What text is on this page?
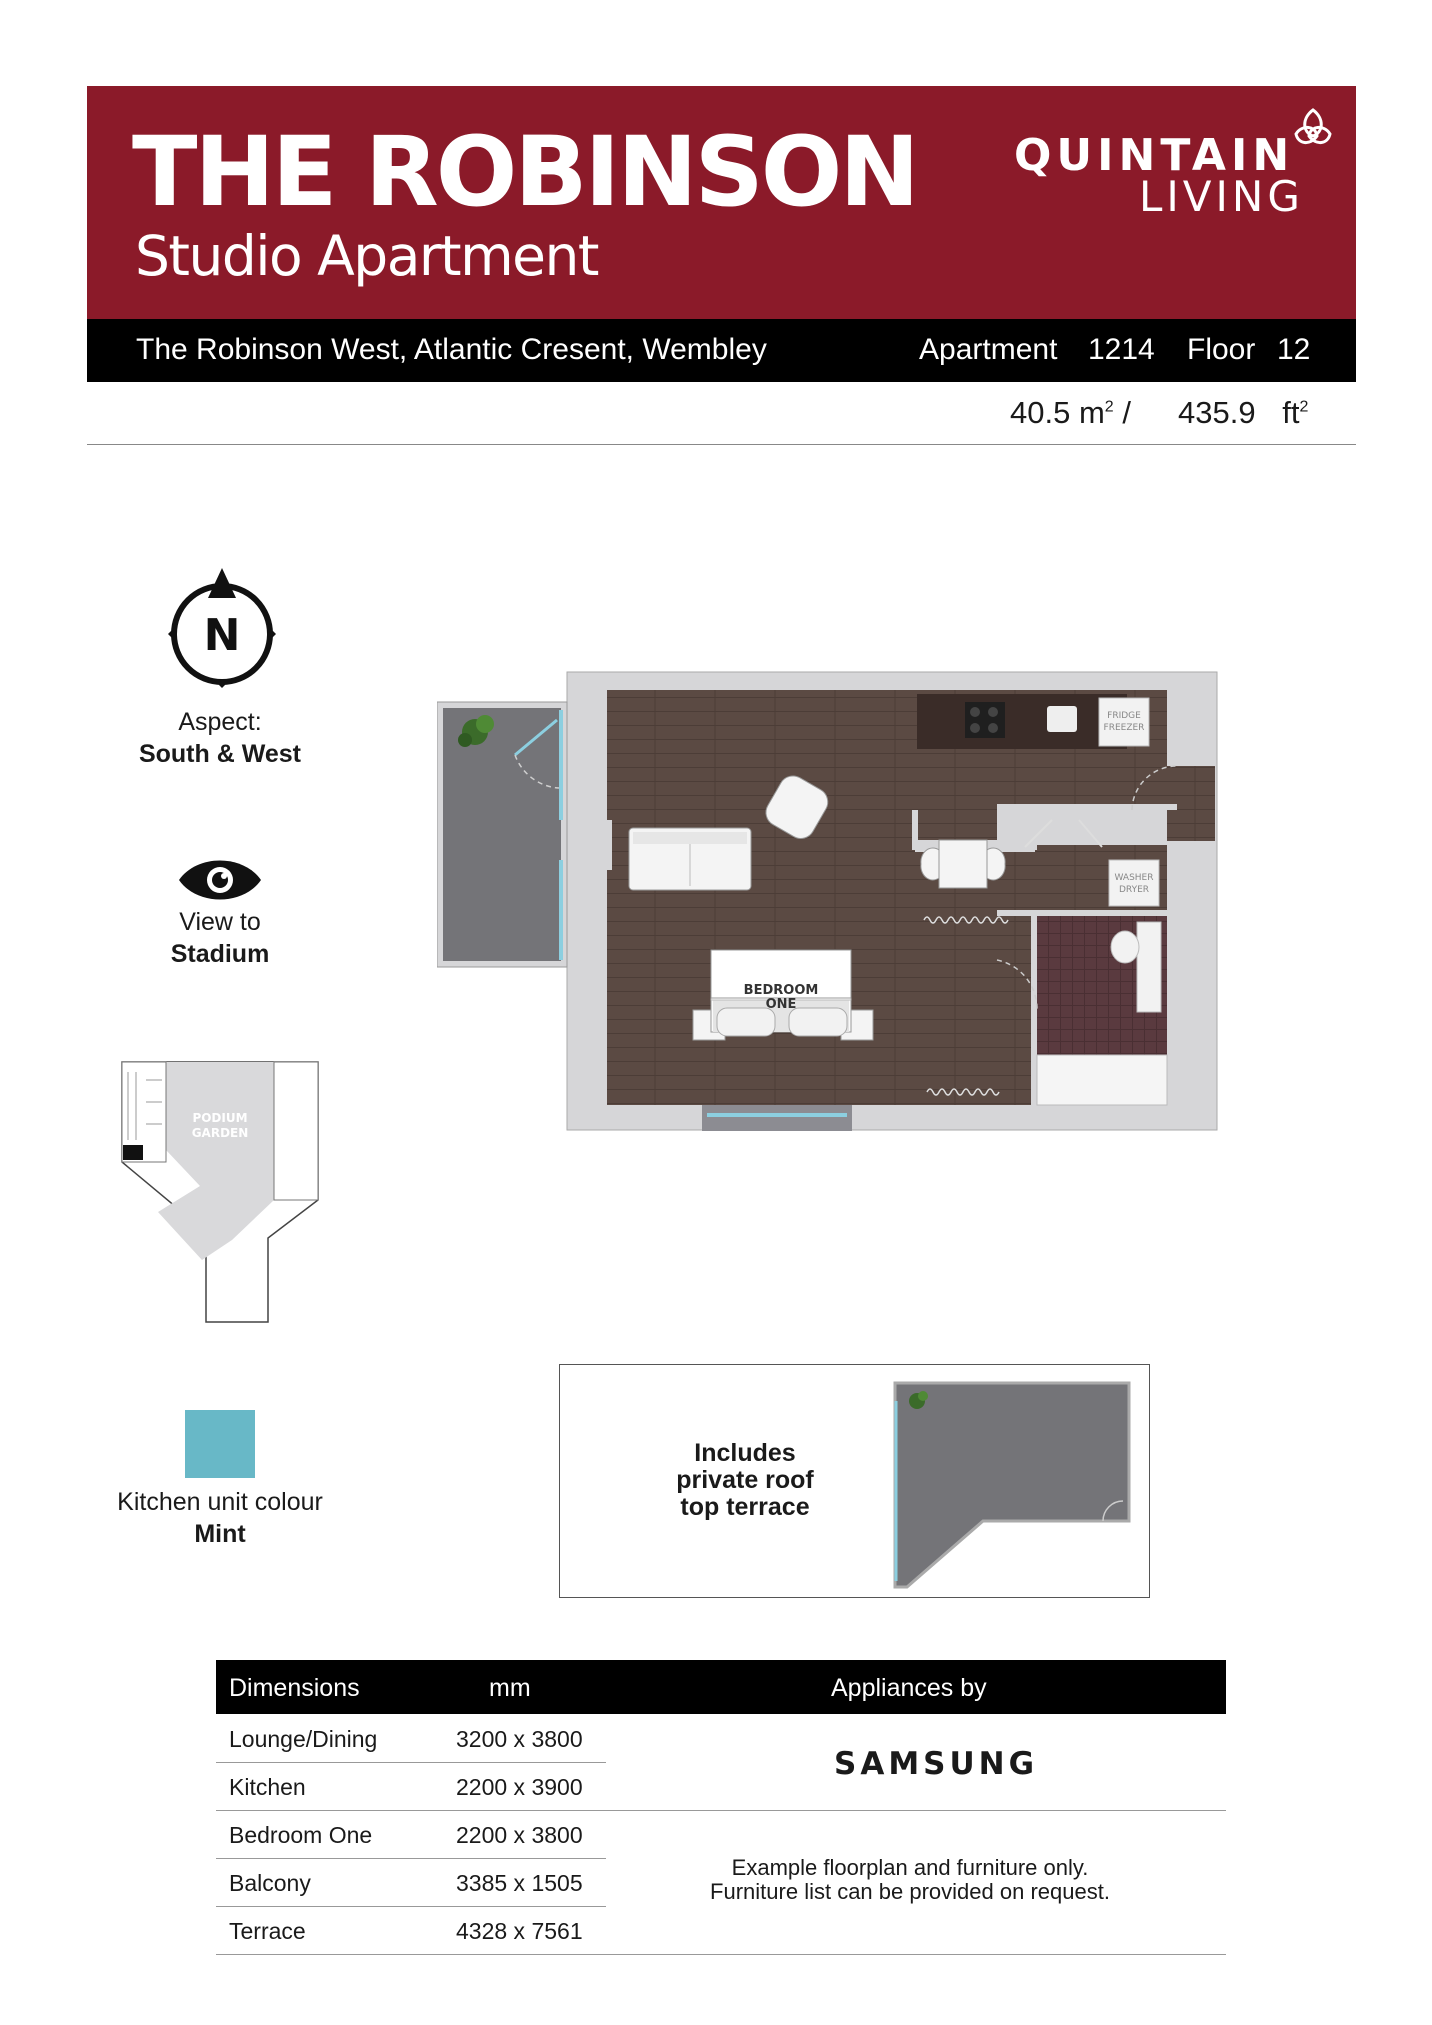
THE ROBINSON
Studio Apartment
QUINTAIN
LIVING
The Robinson West, Atlantic Cresent, Wembley	Apartment 1214 Floor 12
40.5 $m^2 / 435.9$ $ft^2$
N
Aspect:
South & West
View to
Stadium
PODIUM
GARDEN
FRIDGE
FREEZER
WASHER
DRYER
BEDROOM
ONE
Kitchen unit colour
Mint
Includes
private roof
top terrace
Dimensions	mm	Appliances by
Lounge/Dining	3200 x 3800
Kitchen	2200 x 3900
Bedroom One	2200 x 3800
Balcony	3385 x 1505
Terrace	4328 x 7561
SAMSUNG
Example floorplan and furniture only.
Furniture list can be provided on request.
